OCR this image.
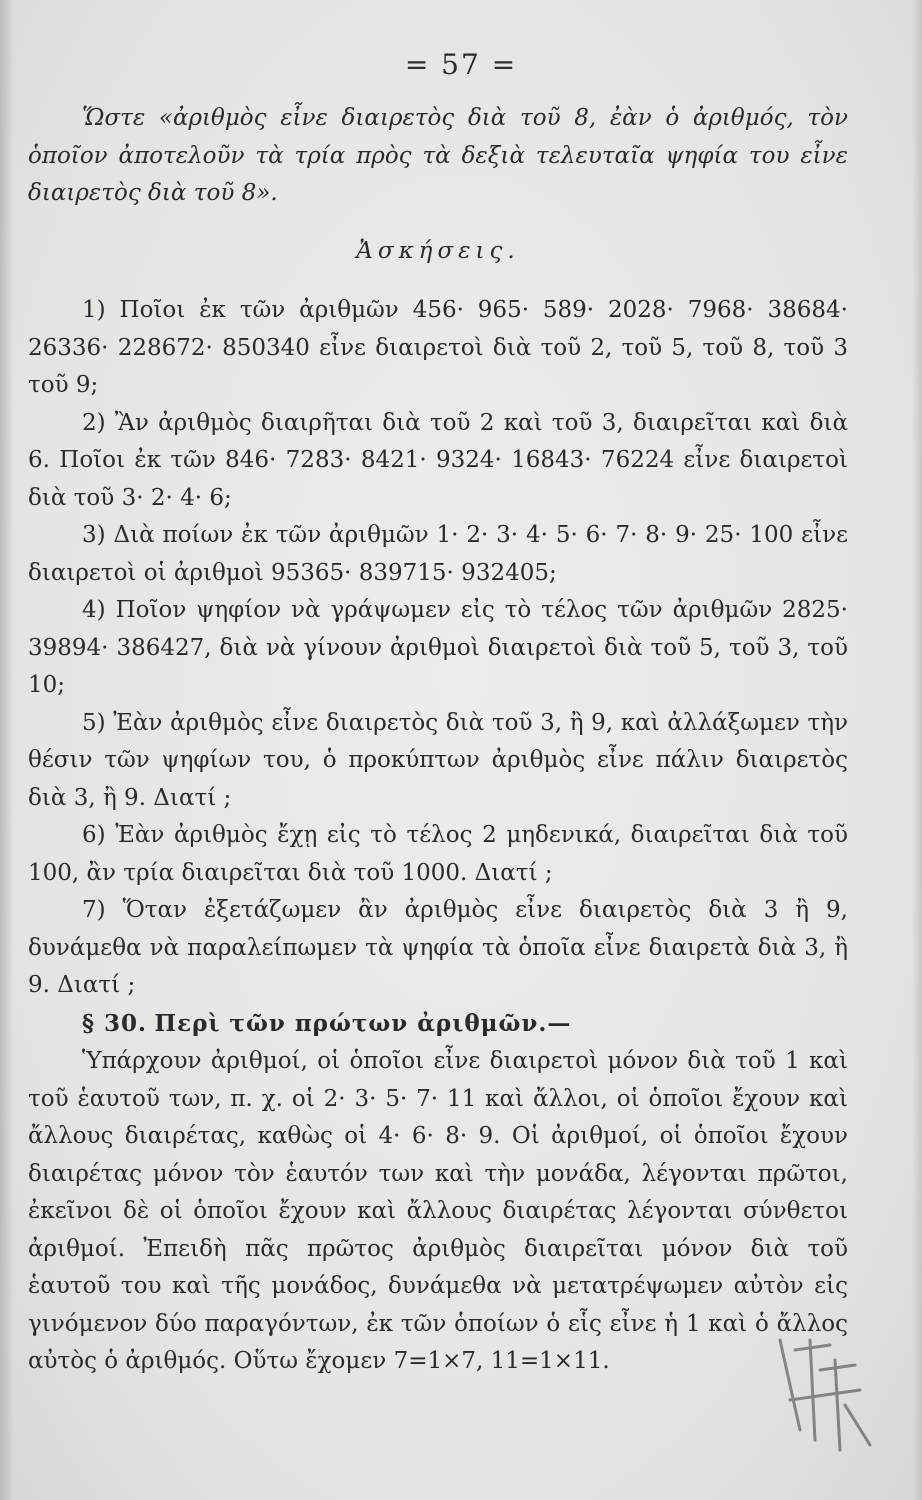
= 57 =

Ὥστε «ἀριθμὸς εἶνε διαιρετὸς διὰ τοῦ 8, ἐὰν ὁ ἀριθμός, τὸν ὁποῖον ἀποτελοῦν τὰ τρία πρὸς τὰ δεξιὰ τελευταῖα ψηφία του εἶνε διαιρετὸς διὰ τοῦ 8».

Ἀσκήσεις.

1) Ποῖοι ἐκ τῶν ἀριθμῶν 456· 965· 589· 2028· 7968· 38684· 26336· 228672· 850340 εἶνε διαιρετοὶ διὰ τοῦ 2, τοῦ 5, τοῦ 8, τοῦ 3 τοῦ 9;

2) Ἂν ἀριθμὸς διαιρῆται διὰ τοῦ 2 καὶ τοῦ 3, διαιρεῖται καὶ διὰ 6. Ποῖοι ἐκ τῶν 846· 7283· 8421· 9324· 16843· 76224 εἶνε διαιρετοὶ διὰ τοῦ 3· 2· 4· 6;

3) Διὰ ποίων ἐκ τῶν ἀριθμῶν 1· 2· 3· 4· 5· 6· 7· 8· 9· 25· 100 εἶνε διαιρετοὶ οἱ ἀριθμοὶ 95365· 839715· 932405;

4) Ποῖον ψηφίον νὰ γράψωμεν εἰς τὸ τέλος τῶν ἀριθμῶν 2825· 39894· 386427, διὰ νὰ γίνουν ἀριθμοὶ διαιρετοὶ διὰ τοῦ 5, τοῦ 3, τοῦ 10;

5) Ἐὰν ἀριθμὸς εἶνε διαιρετὸς διὰ τοῦ 3, ἢ 9, καὶ ἀλλάξωμεν τὴν θέσιν τῶν ψηφίων του, ὁ προκύπτων ἀριθμὸς εἶνε πάλιν διαιρετὸς διὰ 3, ἢ 9. Διατί ;

6) Ἐὰν ἀριθμὸς ἔχῃ εἰς τὸ τέλος 2 μηδενικά, διαιρεῖται διὰ τοῦ 100, ἂν τρία διαιρεῖται διὰ τοῦ 1000. Διατί ;

7) Ὅταν ἐξετάζωμεν ἂν ἀριθμὸς εἶνε διαιρετὸς διὰ 3 ἢ 9, δυνάμεθα νὰ παραλείπωμεν τὰ ψηφία τὰ ὁποῖα εἶνε διαιρετὰ διὰ 3, ἢ 9. Διατί ;

§ 30. Περὶ τῶν πρώτων ἀριθμῶν.—

Ὑπάρχουν ἀριθμοί, οἱ ὁποῖοι εἶνε διαιρετοὶ μόνον διὰ τοῦ 1 καὶ τοῦ ἑαυτοῦ των, π. χ. οἱ 2· 3· 5· 7· 11 καὶ ἄλλοι, οἱ ὁποῖοι ἔχουν καὶ ἄλλους διαιρέτας, καθὼς οἱ 4· 6· 8· 9. Οἱ ἀριθμοί, οἱ ὁποῖοι ἔχουν διαιρέτας μόνον τὸν ἑαυτόν των καὶ τὴν μονάδα, λέγονται πρῶτοι, ἐκεῖνοι δὲ οἱ ὁποῖοι ἔχουν καὶ ἄλλους διαιρέτας λέγονται σύνθετοι ἀριθμοί. Ἐπειδὴ πᾶς πρῶτος ἀριθμὸς διαιρεῖται μόνον διὰ τοῦ ἑαυτοῦ του καὶ τῆς μονάδος, δυνάμεθα νὰ μετατρέψωμεν αὐτὸν εἰς γινόμενον δύο παραγόντων, ἐκ τῶν ὁποίων ὁ εἷς εἶνε ἡ 1 καὶ ὁ ἄλλος αὐτὸς ὁ ἀριθμός. Οὕτω ἔχομεν 7=1×7, 11=1×11.
